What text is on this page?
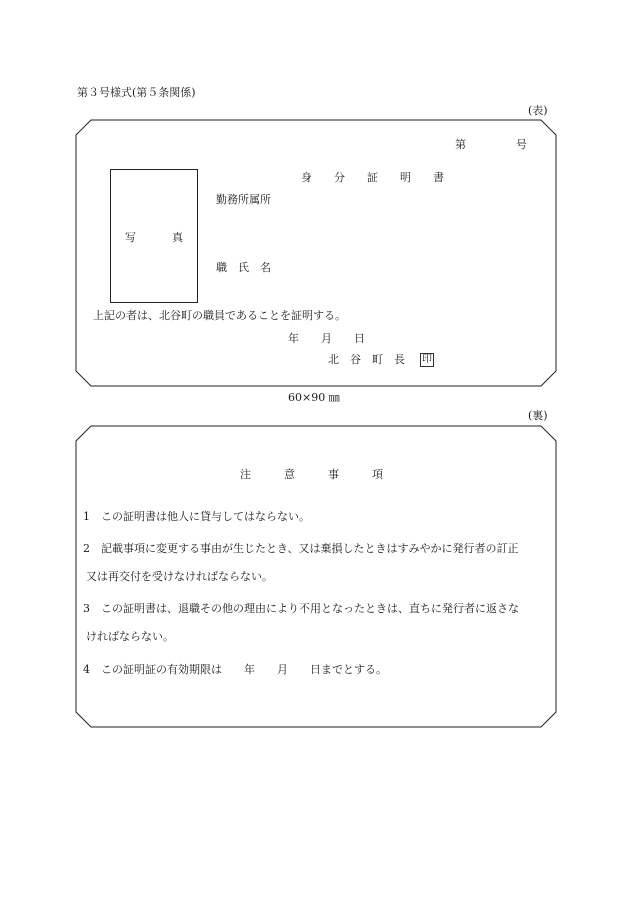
第３号様式(第５条関係)
(表)
第	号
身　　分　　証　　明　　書
写	真
勤務所属所
職　氏　名
上記の者は、北谷町の職員であることを証明する。
年　　月　　日
北　谷　町　長 印
60×90 ㎜
(裏)
注　　　意　　　事　　　項
1 この証明書は他人に貸与してはならない。
2 記載事項に変更する事由が生じたとき、又は棄損したときはすみやかに発行者の訂正
又は再交付を受けなければならない。
3 この証明書は、退職その他の理由により不用となったときは、直ちに発行者に返さな
ければならない。
4 この証明証の有効期限は　　年　　月　　日までとする。
